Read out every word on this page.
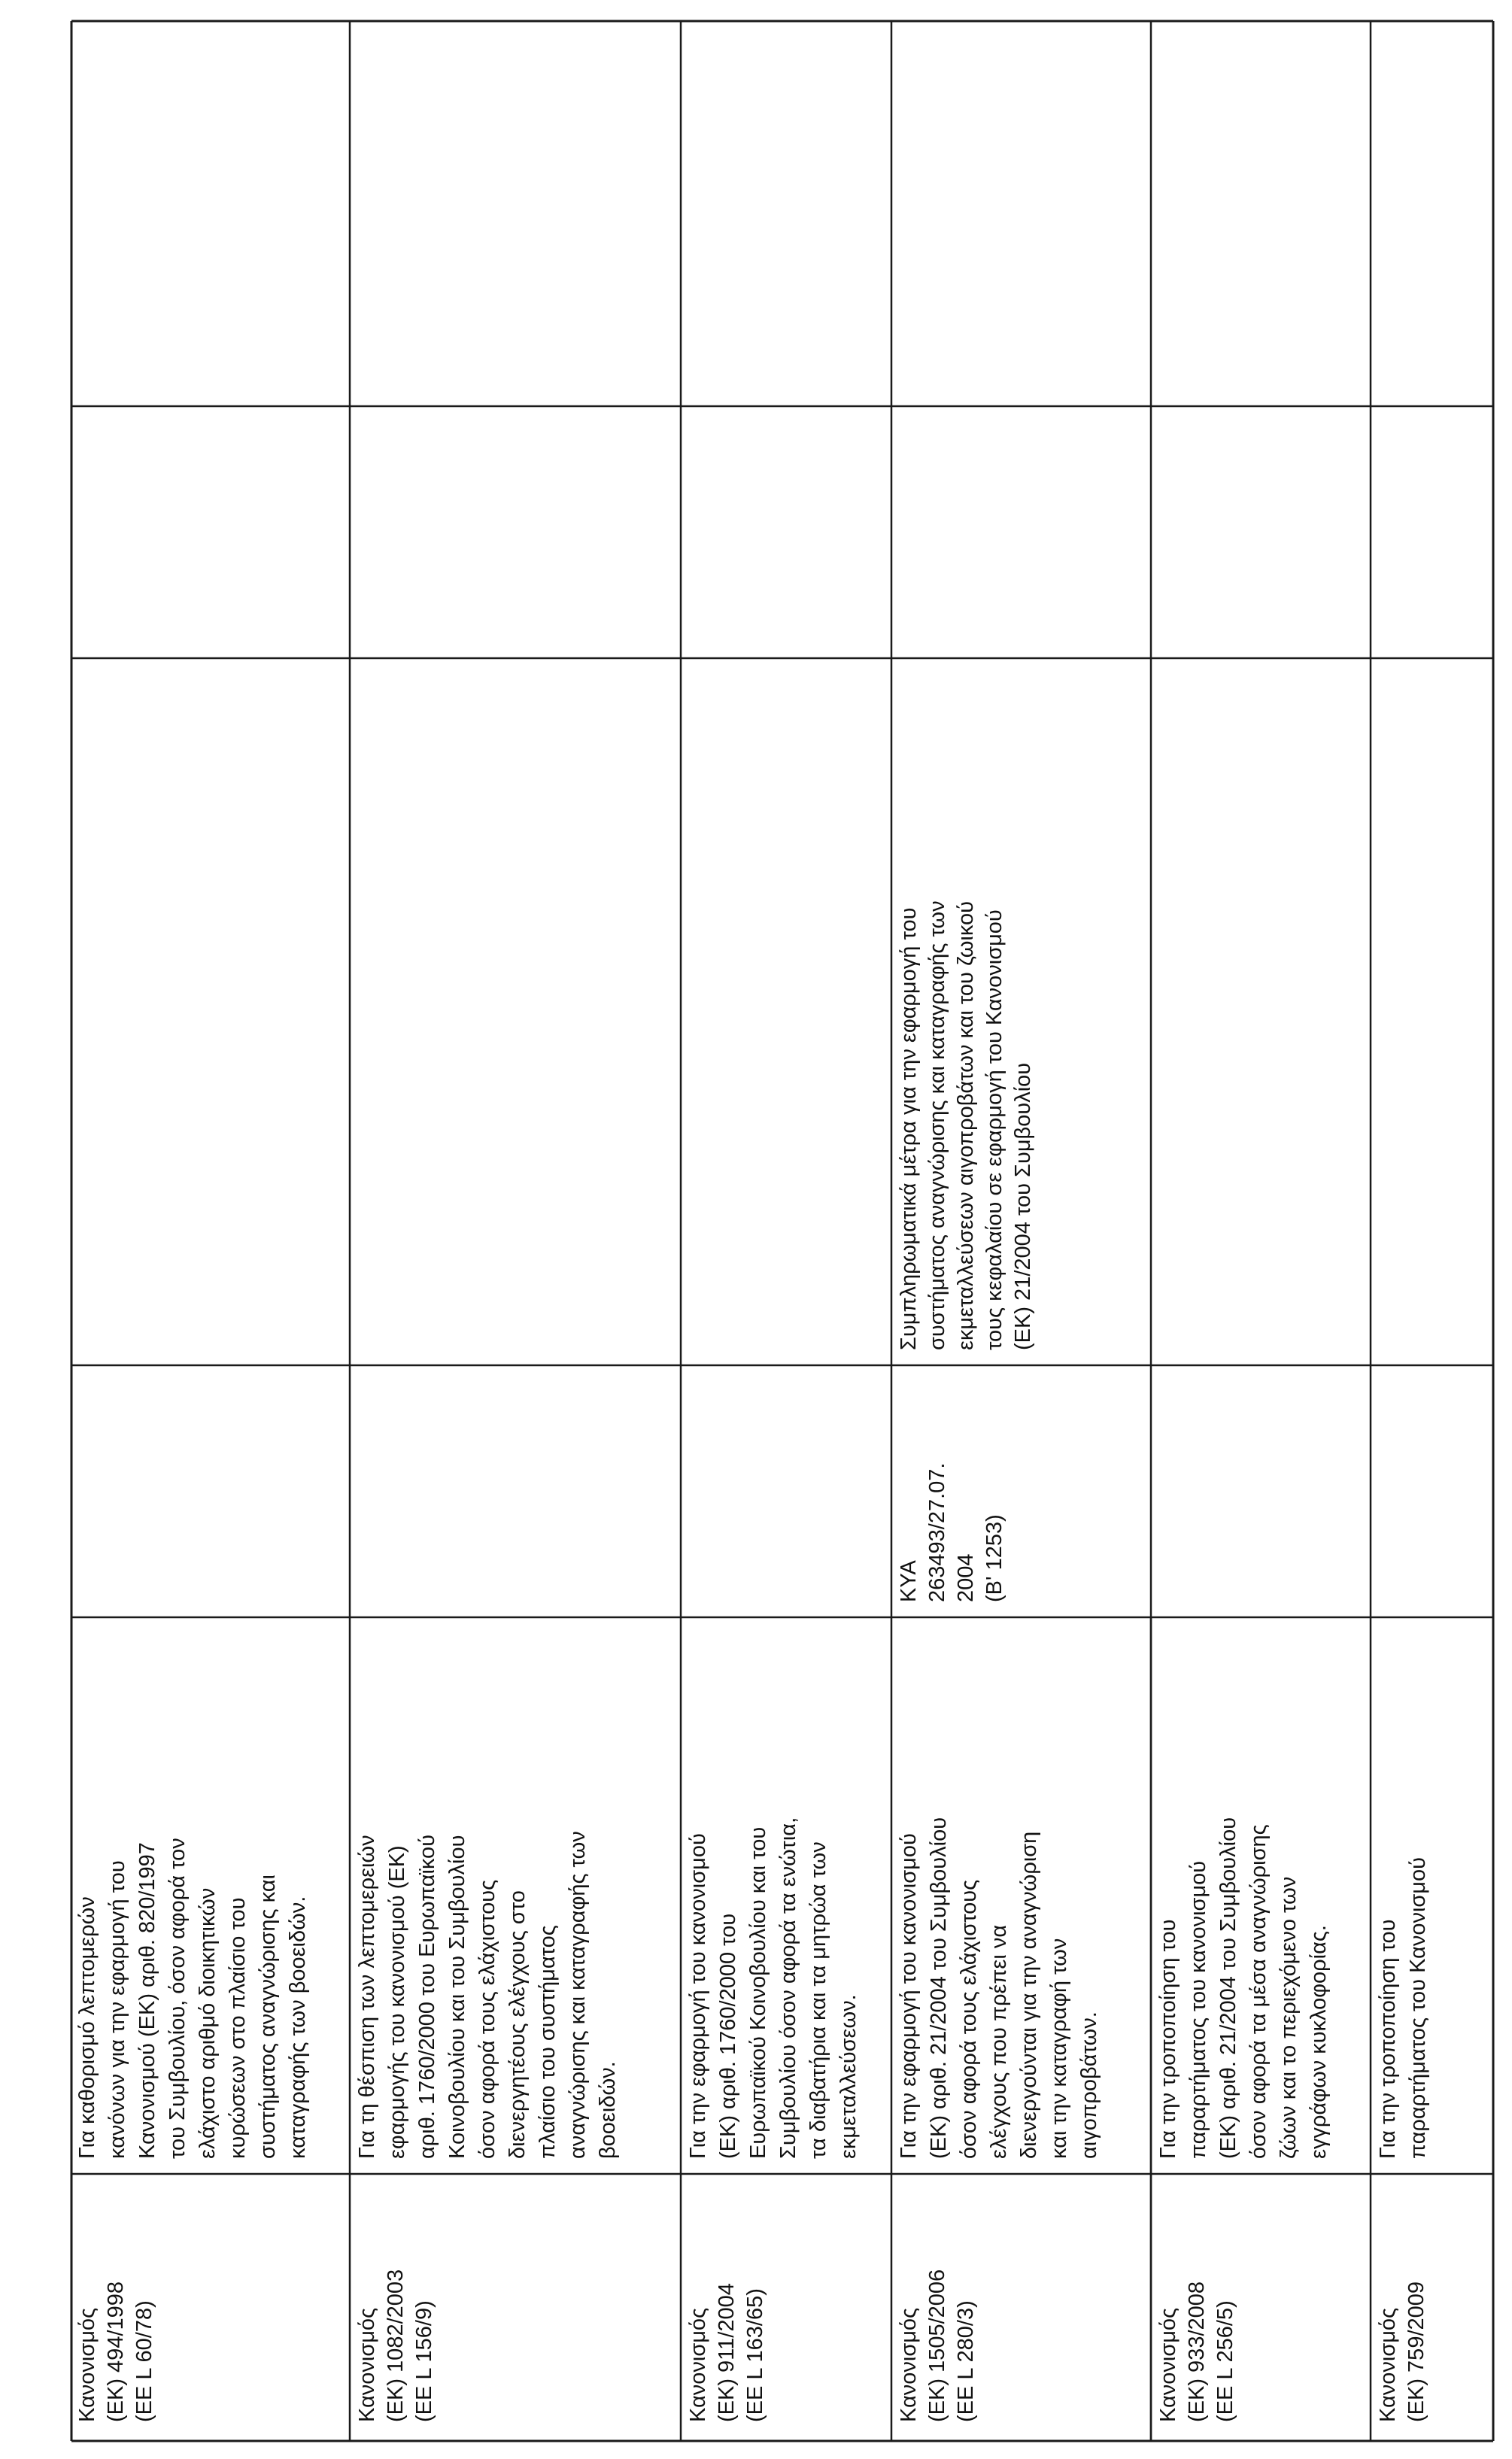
Κανονισμός (ΕΚ) 494/1998 (ΕΕ L 60/78)
Για καθορισμό λεπτομερών κανόνων για την εφαρμογή του Κανονισμού (ΕΚ) αριθ. 820/1997 του Συμβουλίου, όσον αφορά τον ελάχιστο αριθμό διοικητικών κυρώσεων στο πλαίσιο του συστήματος αναγνώρισης και καταγραφής των βοοειδών.
Κανονισμός (ΕΚ) 1082/2003 (ΕΕ L 156/9)
Για τη θέσπιση των λεπτομερειών εφαρμογής του κανονισμού (ΕΚ) αριθ. 1760/2000 του Ευρωπαϊκού Κοινοβουλίου και του Συμβουλίου όσον αφορά τους ελάχιστους διενεργητέους ελέγχους στο πλαίσιο του συστήματος αναγνώρισης και καταγραφής των βοοειδών.
Κανονισμός (ΕΚ) 911/2004 (ΕΕ L 163/65)
Για την εφαρμογή του κανονισμού (ΕΚ) αριθ. 1760/2000 του Ευρωπαϊκού Κοινοβουλίου και του Συμβουλίου όσον αφορά τα ενώτια, τα διαβατήρια και τα μητρώα των εκμεταλλεύσεων.
Κανονισμός (ΕΚ) 1505/2006 (ΕΕ L 280/3)
Για την εφαρμογή του κανονισμού (ΕΚ) αριθ. 21/2004 του Συμβουλίου όσον αφορά τους ελάχιστους ελέγχους που πρέπει να διενεργούνται για την αναγνώριση και την καταγραφή των αιγοπροβάτων.
ΚΥΑ 263493/27.07. 2004 (Β' 1253)
Συμπληρωματικά μέτρα για την εφαρμογή του συστήματος αναγνώρισης και καταγραφής των εκμεταλλεύσεων αιγοπροβάτων και του ζωικού τους κεφαλαίου σε εφαρμογή του Κανονισμού (ΕΚ) 21/2004 του Συμβουλίου
Κανονισμός (ΕΚ) 933/2008 (ΕΕ L 256/5)
Για την τροποποίηση του παραρτήματος του κανονισμού (ΕΚ) αριθ. 21/2004 του Συμβουλίου όσον αφορά τα μέσα αναγνώρισης ζώων και το περιεχόμενο των εγγράφων κυκλοφορίας.
Κανονισμός (ΕΚ) 759/2009
Για την τροποποίηση του παραρτήματος του Κανονισμού
